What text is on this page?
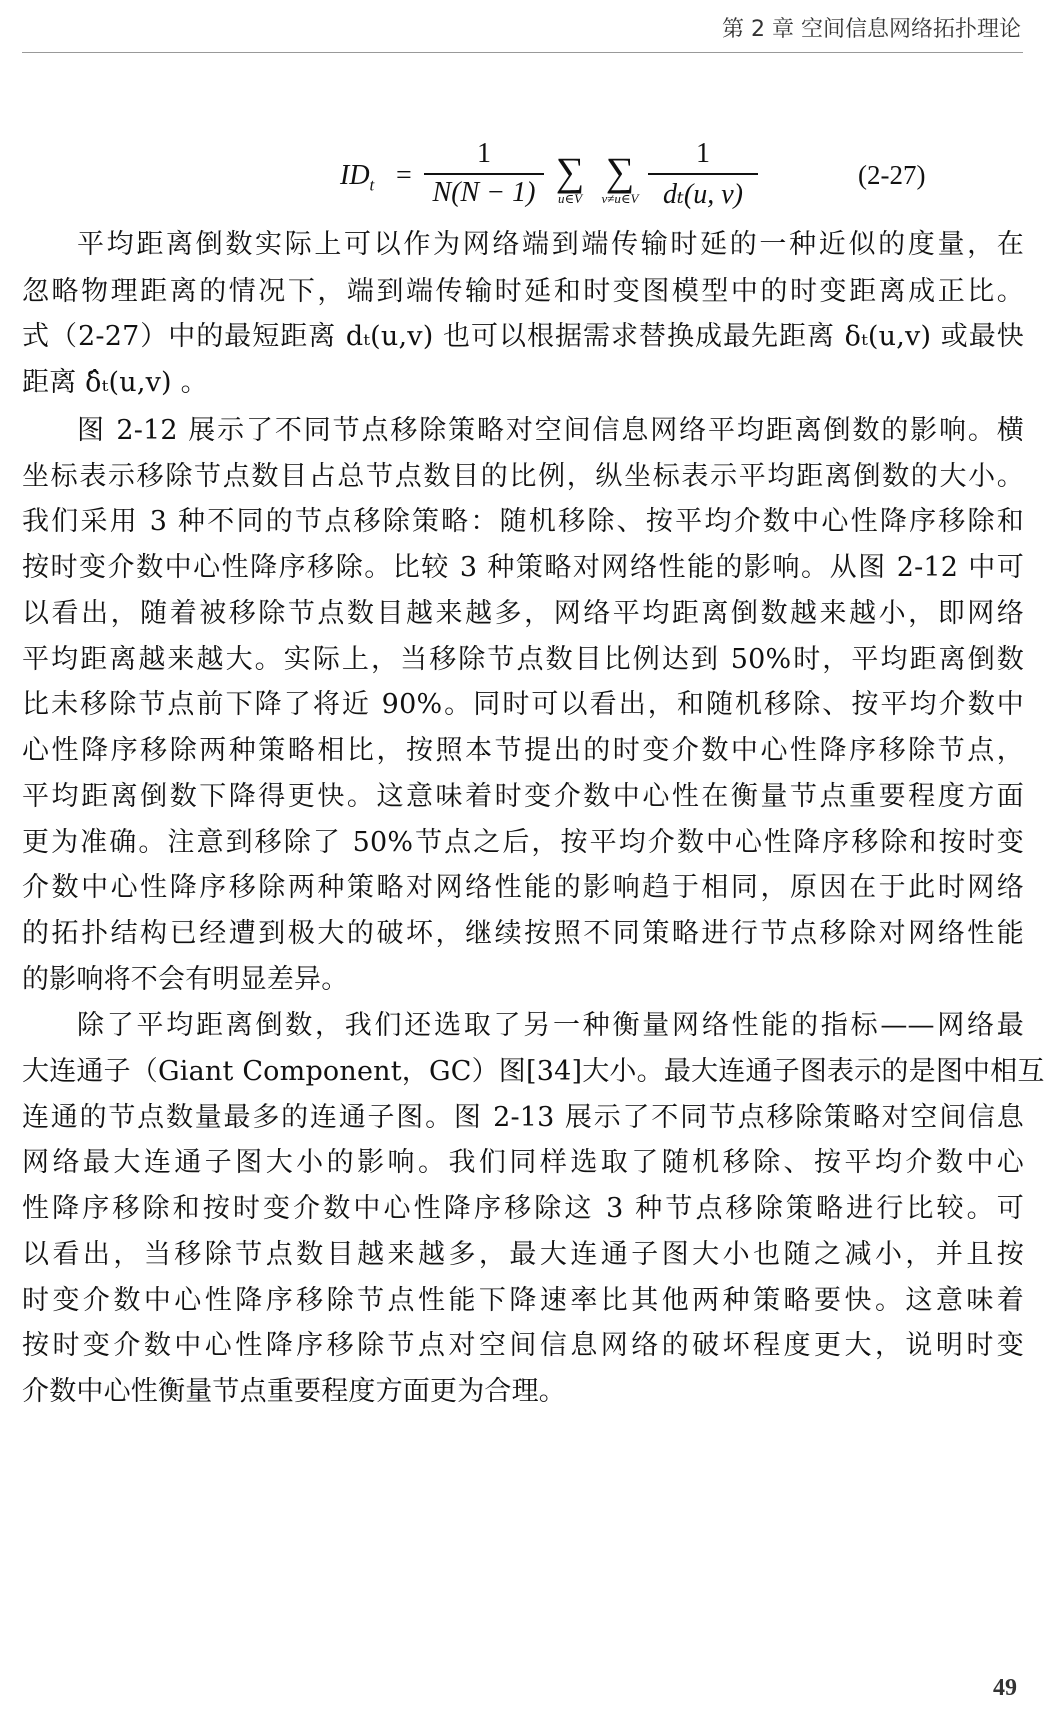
第 2 章 空间信息网络拓扑理论
$ID_t$ =
1
N(N − 1) ∑
u∈V
∑
v≠u∈V
1
dₜ(u, v)
(2-27)
平均距离倒数实际上可以作为网络端到端传输时延的一种近似的度量，在
忽略物理距离的情况下，端到端传输时延和时变图模型中的时变距离成正比。
式（2-27）中的最短距离 dₜ(u,v) 也可以根据需求替换成最先距离 δₜ(u,v) 或最快
距离 δ̂ₜ(u,v) 。
图 2-12 展示了不同节点移除策略对空间信息网络平均距离倒数的影响。横
坐标表示移除节点数目占总节点数目的比例，纵坐标表示平均距离倒数的大小。
我们采用 3 种不同的节点移除策略：随机移除、按平均介数中心性降序移除和
按时变介数中心性降序移除。比较 3 种策略对网络性能的影响。从图 2-12 中可
以看出，随着被移除节点数目越来越多，网络平均距离倒数越来越小，即网络
平均距离越来越大。实际上，当移除节点数目比例达到 50%时，平均距离倒数
比未移除节点前下降了将近 90%。同时可以看出，和随机移除、按平均介数中
心性降序移除两种策略相比，按照本节提出的时变介数中心性降序移除节点，
平均距离倒数下降得更快。这意味着时变介数中心性在衡量节点重要程度方面
更为准确。注意到移除了 50%节点之后，按平均介数中心性降序移除和按时变
介数中心性降序移除两种策略对网络性能的影响趋于相同，原因在于此时网络
的拓扑结构已经遭到极大的破坏，继续按照不同策略进行节点移除对网络性能
的影响将不会有明显差异。
除了平均距离倒数，我们还选取了另一种衡量网络性能的指标——网络最
大连通子（Giant Component，GC）图[34]大小。最大连通子图表示的是图中相互
连通的节点数量最多的连通子图。图 2-13 展示了不同节点移除策略对空间信息
网络最大连通子图大小的影响。我们同样选取了随机移除、按平均介数中心
性降序移除和按时变介数中心性降序移除这 3 种节点移除策略进行比较。可
以看出，当移除节点数目越来越多，最大连通子图大小也随之减小，并且按
时变介数中心性降序移除节点性能下降速率比其他两种策略要快。这意味着
按时变介数中心性降序移除节点对空间信息网络的破坏程度更大，说明时变
介数中心性衡量节点重要程度方面更为合理。
49
